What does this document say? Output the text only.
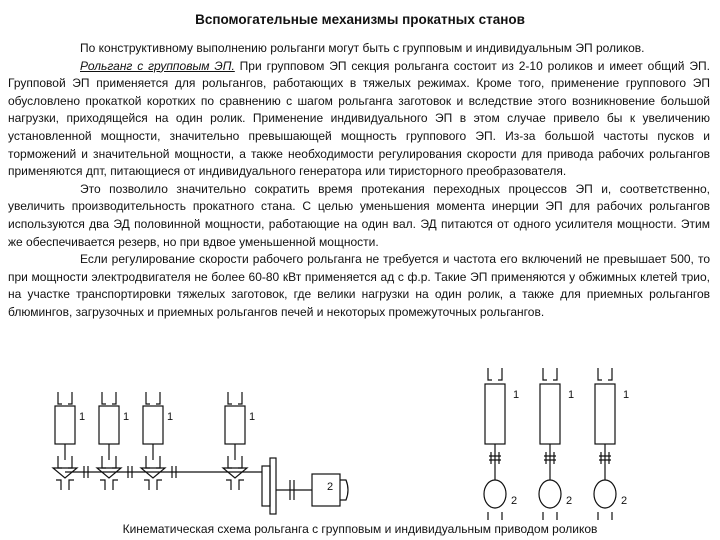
Вспомогательные механизмы прокатных станов

По конструктивному выполнению рольганги могут быть с групповым и индивидуальным ЭП роликов.

Рольганг с групповым ЭП. При групповом ЭП секция рольганга состоит из 2-10 роликов и имеет общий ЭП. Групповой ЭП применяется для рольгангов, работающих в тяжелых режимах. Кроме того, применение группового ЭП обусловлено прокаткой коротких по сравнению с шагом рольганга заготовок и вследствие этого возникновение большой нагрузки, приходящейся на один ролик. Применение индивидуального ЭП в этом случае привело бы к увеличению установленной мощности, значительно превышающей мощность группового ЭП. Из-за большой частоты пусков и торможений и значительной мощности, а также необходимости регулирования скорости для привода рабочих рольгангов применяются дпт, питающиеся от индивидуального генератора или тиристорного преобразователя.

Это позволило значительно сократить время протекания переходных процессов ЭП и, соответственно, увеличить производительность прокатного стана. С целью уменьшения момента инерции ЭП для рабочих рольгангов используются два ЭД половинной мощности, работающие на один вал. ЭД питаются от одного усилителя мощности. Этим же обеспечивается резерв, но при вдвое уменьшенной мощности.

Если регулирование скорости рабочего рольганга не требуется и частота его включений не превышает 500, то при мощности электродвигателя не более 60-80 кВт применяется ад с ф.р. Такие ЭП применяются у обжимных клетей трио, на участке транспортировки тяжелых заготовок, где велики нагрузки на один ролик, а также для приемных рольгангов блюмингов, загрузочных и приемных рольгангов печей и некоторых промежуточных рольгангов.

1	1	1	1
2
1	1	1
2	2	2
Кинематическая схема рольганга с групповым и индивидуальным приводом роликов
